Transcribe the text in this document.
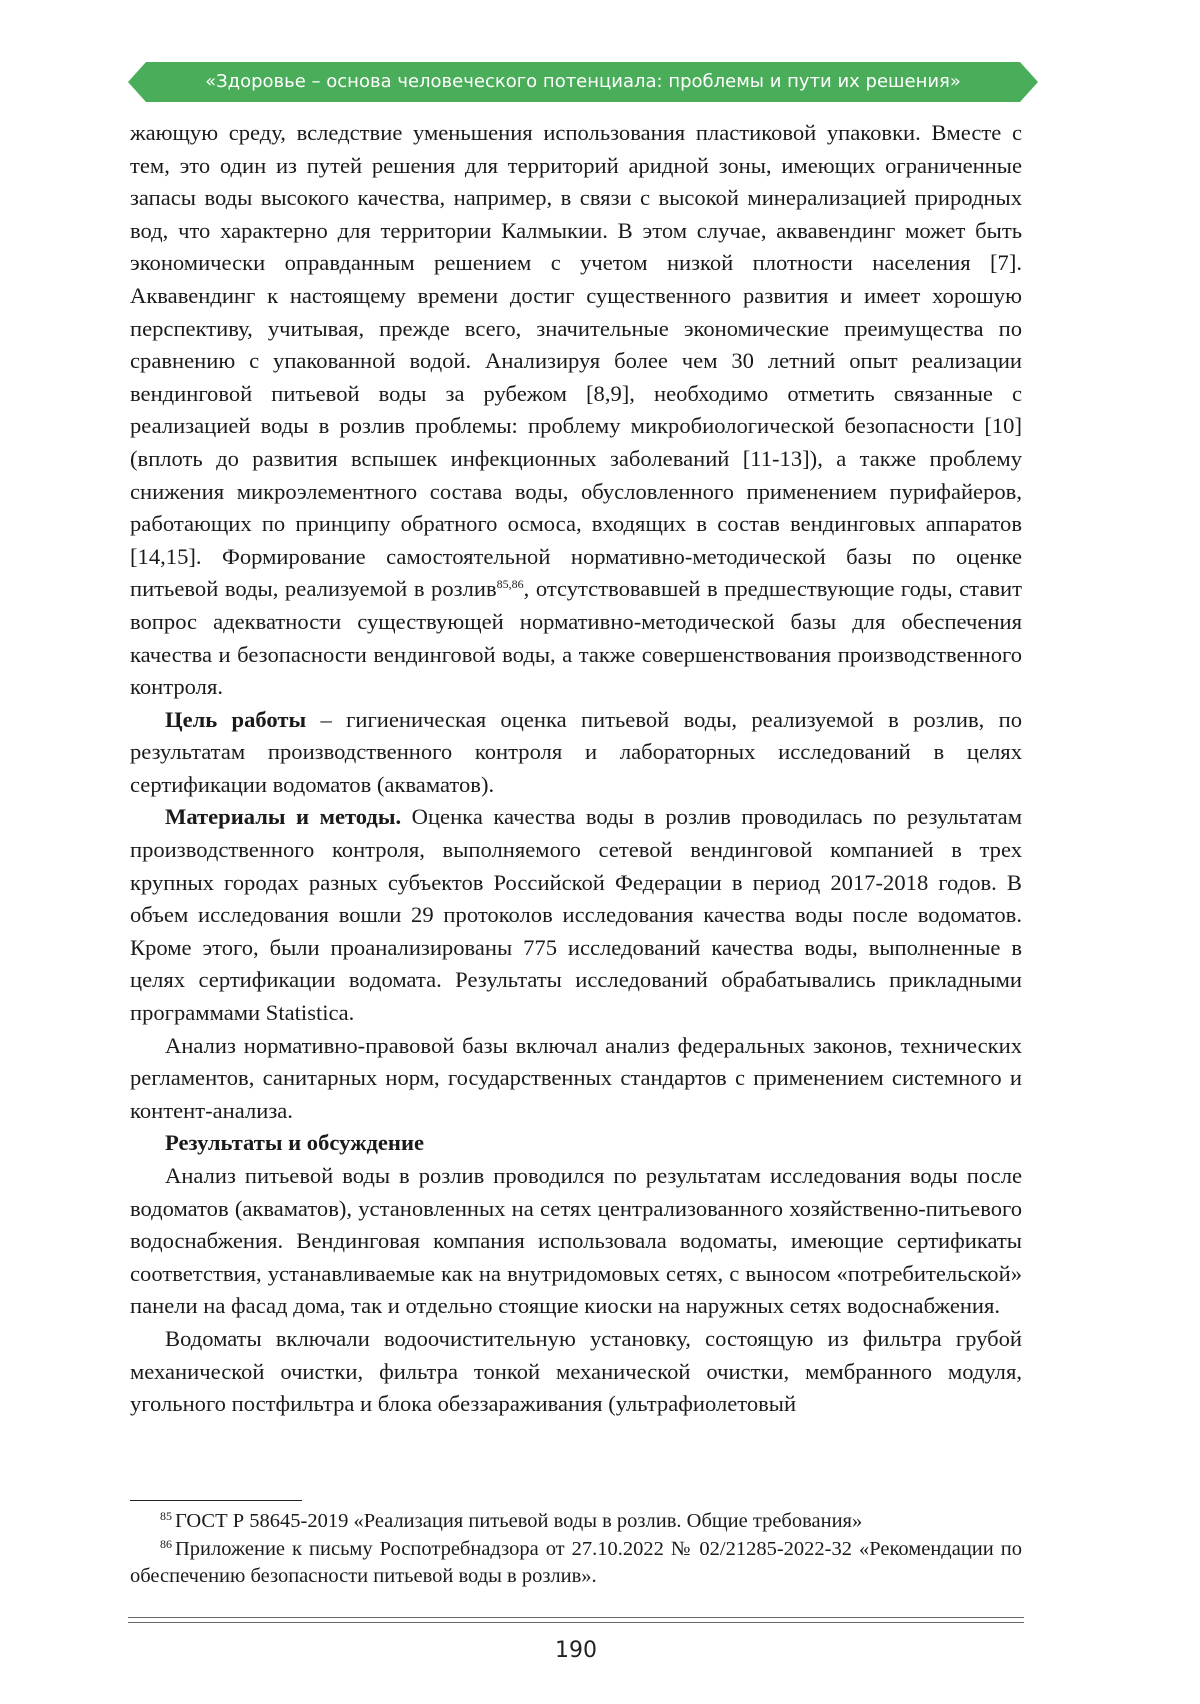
«Здоровье – основа человеческого потенциала: проблемы и пути их решения»

жающую среду, вследствие уменьшения использования пластиковой упаковки. Вместе с тем, это один из путей решения для территорий аридной зоны, имеющих ограниченные запасы воды высокого качества, например, в связи с высокой минерализацией природных вод, что характерно для территории Калмыкии. В этом случае, аквавендинг может быть экономически оправданным решением с учетом низкой плотности населения [7]. Аквавендинг к настоящему времени достиг существенного развития и имеет хорошую перспективу, учитывая, прежде всего, значительные экономические преимущества по сравнению с упакованной водой. Анализируя более чем 30 летний опыт реализации вендинговой питьевой воды за рубежом [8,9], необходимо отметить связанные с реализацией воды в розлив проблемы: проблему микробиологической безопасности [10] (вплоть до развития вспышек инфекционных заболеваний [11-13]), а также проблему снижения микроэлементного состава воды, обусловленного применением пурифайеров, работающих по принципу обратного осмоса, входящих в состав вендинговых аппаратов [14,15]. Формирование самостоятельной нормативно-методической базы по оценке питьевой воды, реализуемой в розлив$^{85,86}$, отсутствовавшей в предшествующие годы, ставит вопрос адекватности существующей нормативно-методической базы для обеспечения качества и безопасности вендинговой воды, а также совершенствования производственного контроля.

Цель работы – гигиеническая оценка питьевой воды, реализуемой в розлив, по результатам производственного контроля и лабораторных исследований в целях сертификации водоматов (акваматов).

Материалы и методы. Оценка качества воды в розлив проводилась по результатам производственного контроля, выполняемого сетевой вендинговой компанией в трех крупных городах разных субъектов Российской Федерации в период 2017-2018 годов. В объем исследования вошли 29 протоколов исследования качества воды после водоматов. Кроме этого, были проанализированы 775 исследований качества воды, выполненные в целях сертификации водомата. Результаты исследований обрабатывались прикладными программами Statistica.

Анализ нормативно-правовой базы включал анализ федеральных законов, технических регламентов, санитарных норм, государственных стандартов с применением системного и контент-анализа.

Результаты и обсуждение

Анализ питьевой воды в розлив проводился по результатам исследования воды после водоматов (акваматов), установленных на сетях централизованного хозяйственно-питьевого водоснабжения. Вендинговая компания использовала водоматы, имеющие сертификаты соответствия, устанавливаемые как на внутридомовых сетях, с выносом «потребительской» панели на фасад дома, так и отдельно стоящие киоски на наружных сетях водоснабжения.

Водоматы включали водоочистительную установку, состоящую из фильтра грубой механической очистки, фильтра тонкой механической очистки, мембранного модуля, угольного постфильтра и блока обеззараживания (ультрафиолетовый

$^{85}$ ГОСТ Р 58645-2019 «Реализация питьевой воды в розлив. Общие требования»

$^{86}$ Приложение к письму Роспотребнадзора от 27.10.2022 № 02/21285-2022-32 «Рекомендации по обеспечению безопасности питьевой воды в розлив».

190
